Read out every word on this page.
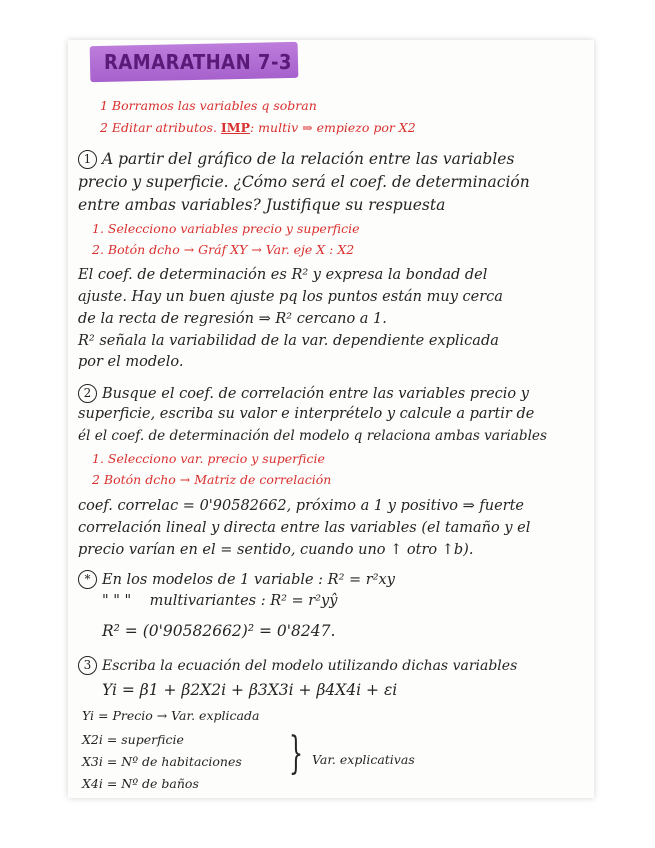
RAMARATHAN 7-3
1 Borramos las variables q sobran
2 Editar atributos. IMP: multiv ⇒ empiezo por X2
1 A partir del gráfico de la relación entre las variables
precio y superficie. ¿Cómo será el coef. de determinación
entre ambas variables? Justifique su respuesta
1. Selecciono variables precio y superficie
2. Botón dcho → Gráf XY → Var. eje X : X2
El coef. de determinación es R² y expresa la bondad del
ajuste. Hay un buen ajuste pq los puntos están muy cerca
de la recta de regresión ⇒ R² cercano a 1.
R² señala la variabilidad de la var. dependiente explicada
por el modelo.
2 Busque el coef. de correlación entre las variables precio y
superficie, escriba su valor e interprételo y calcule a partir de
él el coef. de determinación del modelo q relaciona ambas variables
1. Selecciono var. precio y superficie
2 Botón dcho → Matriz de correlación
coef. correlac = 0'90582662, próximo a 1 y positivo ⇒ fuerte
correlación lineal y directa entre las variables (el tamaño y el
precio varían en el = sentido, cuando uno ↑ otro ↑b).
* En los modelos de 1 variable : R² = r²xy
" " " multivariantes : R² = r²yŷ
R² = (0'90582662)² = 0'8247.
3 Escriba la ecuación del modelo utilizando dichas variables
Yi = β1 + β2X2i + β3X3i + β4X4i + εi
Yi = Precio → Var. explicada
X2i = superficie
X3i = Nº de habitaciones
X4i = Nº de baños
} Var. explicativas
